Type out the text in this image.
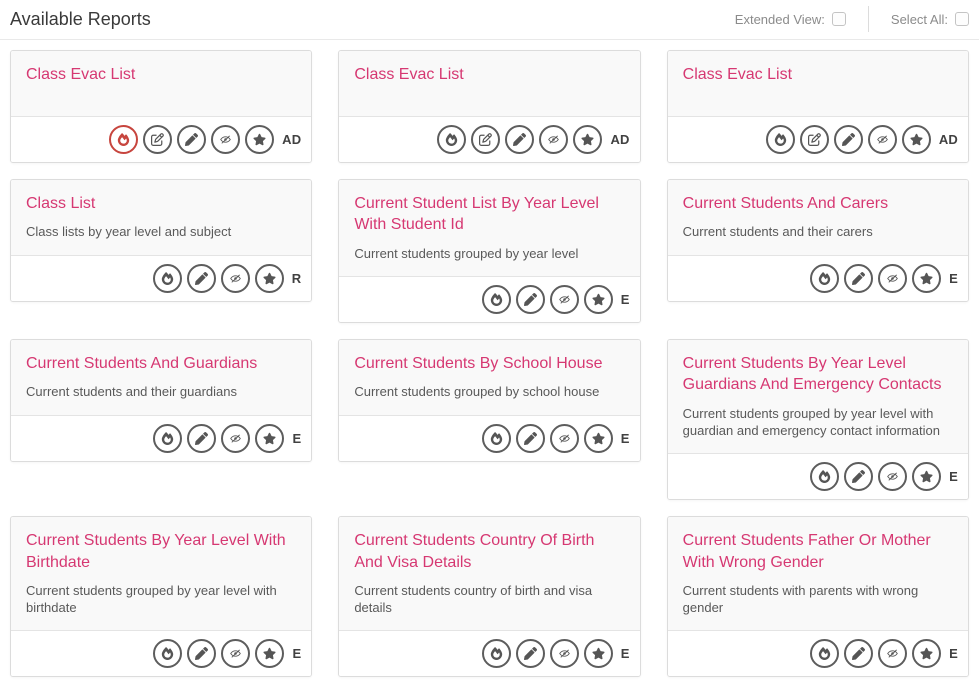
Available Reports	Extended View:	Select All:
Class Evac List
AD
Class Evac List
AD
Class Evac List
AD
Class List

Class lists by year level and subject

R
Current Student List By Year Level With Student Id

Current students grouped by year level

E
Current Students And Carers

Current students and their carers

E
Current Students And Guardians

Current students and their guardians

E
Current Students By School House

Current students grouped by school house

E
Current Students By Year Level Guardians And Emergency Contacts

Current students grouped by year level with guardian and emergency contact information

E
Current Students By Year Level With Birthdate

Current students grouped by year level with birthdate

E
Current Students Country Of Birth And Visa Details

Current students country of birth and visa details

E
Current Students Father Or Mother With Wrong Gender

Current students with parents with wrong gender

E
